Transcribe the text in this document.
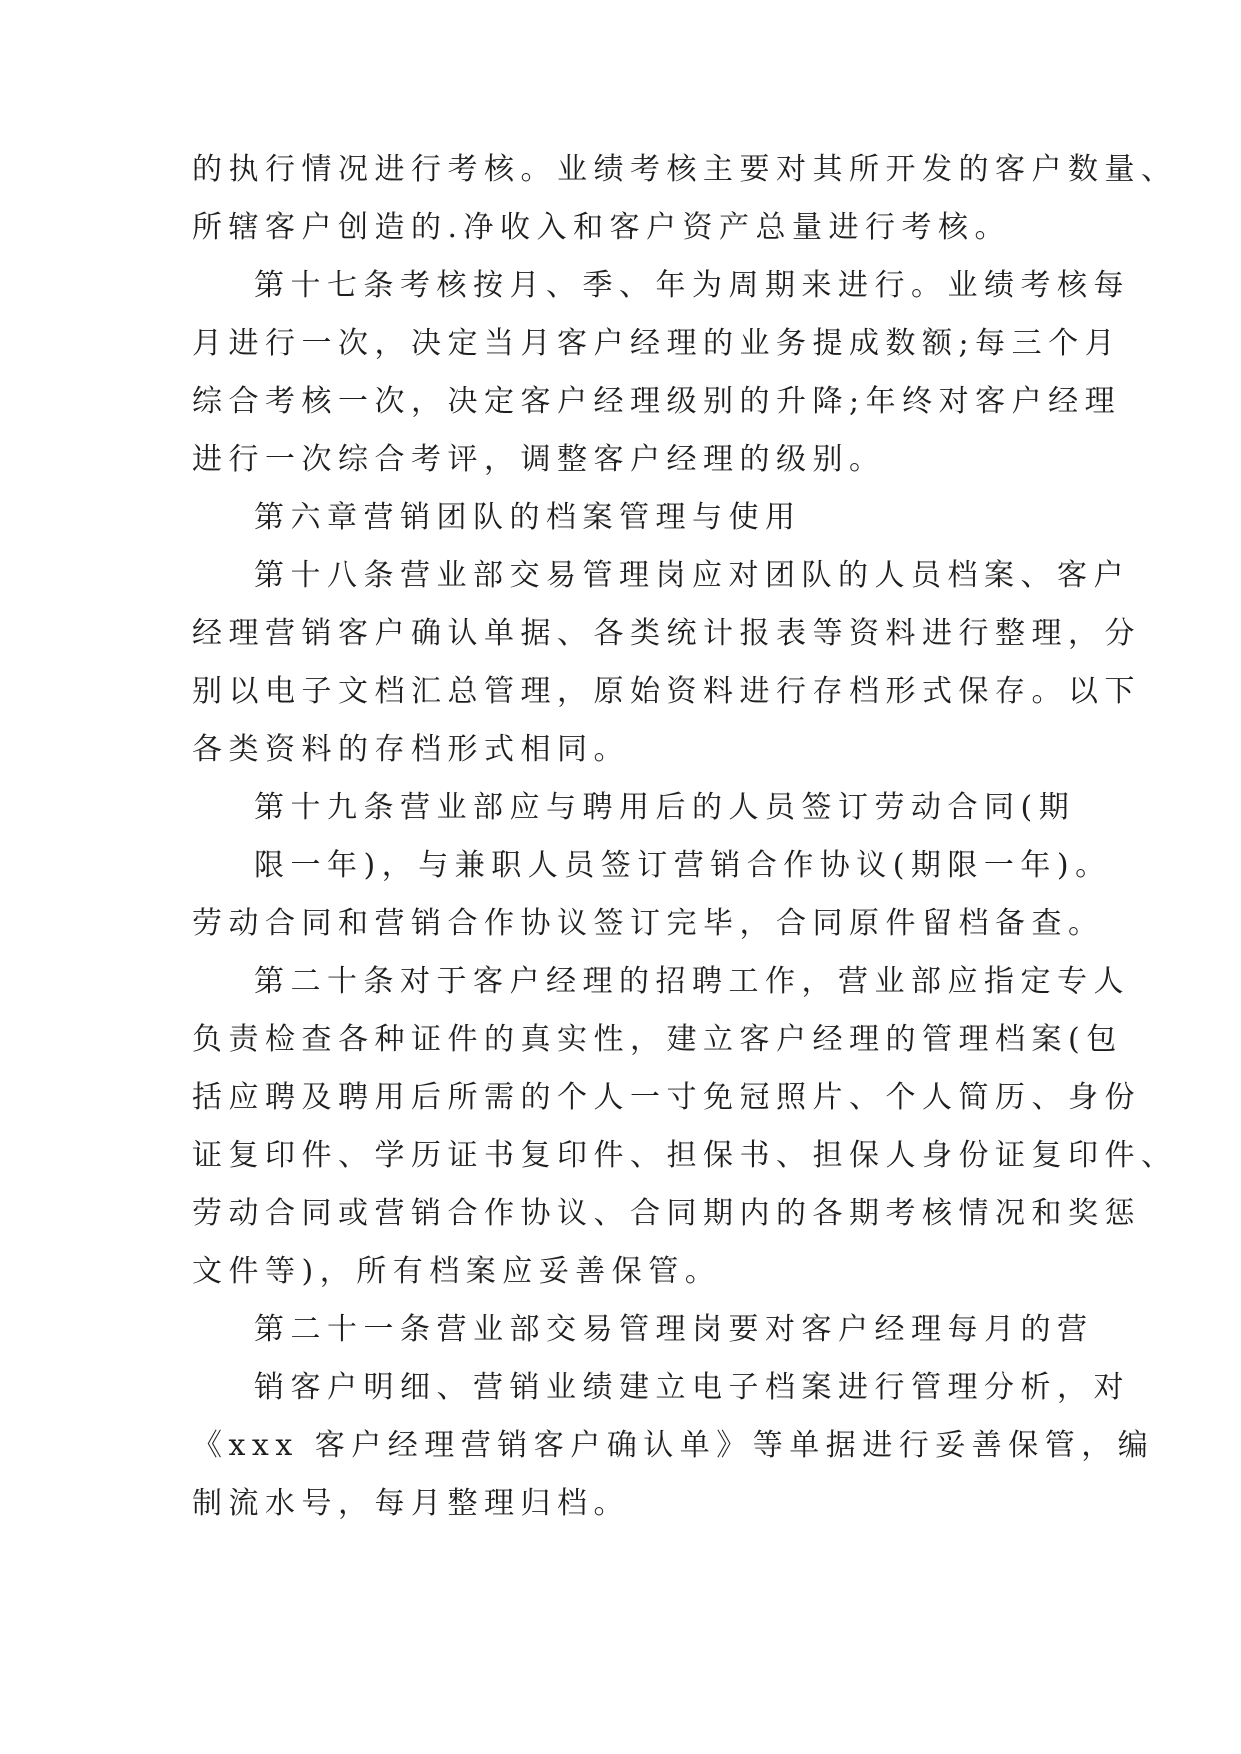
的执行情况进行考核。业绩考核主要对其所开发的客户数量、

所辖客户创造的.净收入和客户资产总量进行考核。

第十七条考核按月、季、年为周期来进行。业绩考核每

月进行一次，决定当月客户经理的业务提成数额;每三个月

综合考核一次，决定客户经理级别的升降;年终对客户经理

进行一次综合考评，调整客户经理的级别。

第六章营销团队的档案管理与使用

第十八条营业部交易管理岗应对团队的人员档案、客户

经理营销客户确认单据、各类统计报表等资料进行整理，分

别以电子文档汇总管理，原始资料进行存档形式保存。以下

各类资料的存档形式相同。

第十九条营业部应与聘用后的人员签订劳动合同(期

限一年)，与兼职人员签订营销合作协议(期限一年)。

劳动合同和营销合作协议签订完毕，合同原件留档备查。

第二十条对于客户经理的招聘工作，营业部应指定专人

负责检查各种证件的真实性，建立客户经理的管理档案(包

括应聘及聘用后所需的个人一寸免冠照片、个人简历、身份

证复印件、学历证书复印件、担保书、担保人身份证复印件、

劳动合同或营销合作协议、合同期内的各期考核情况和奖惩

文件等)，所有档案应妥善保管。

第二十一条营业部交易管理岗要对客户经理每月的营

销客户明细、营销业绩建立电子档案进行管理分析，对

《xxx 客户经理营销客户确认单》等单据进行妥善保管，编

制流水号，每月整理归档。
